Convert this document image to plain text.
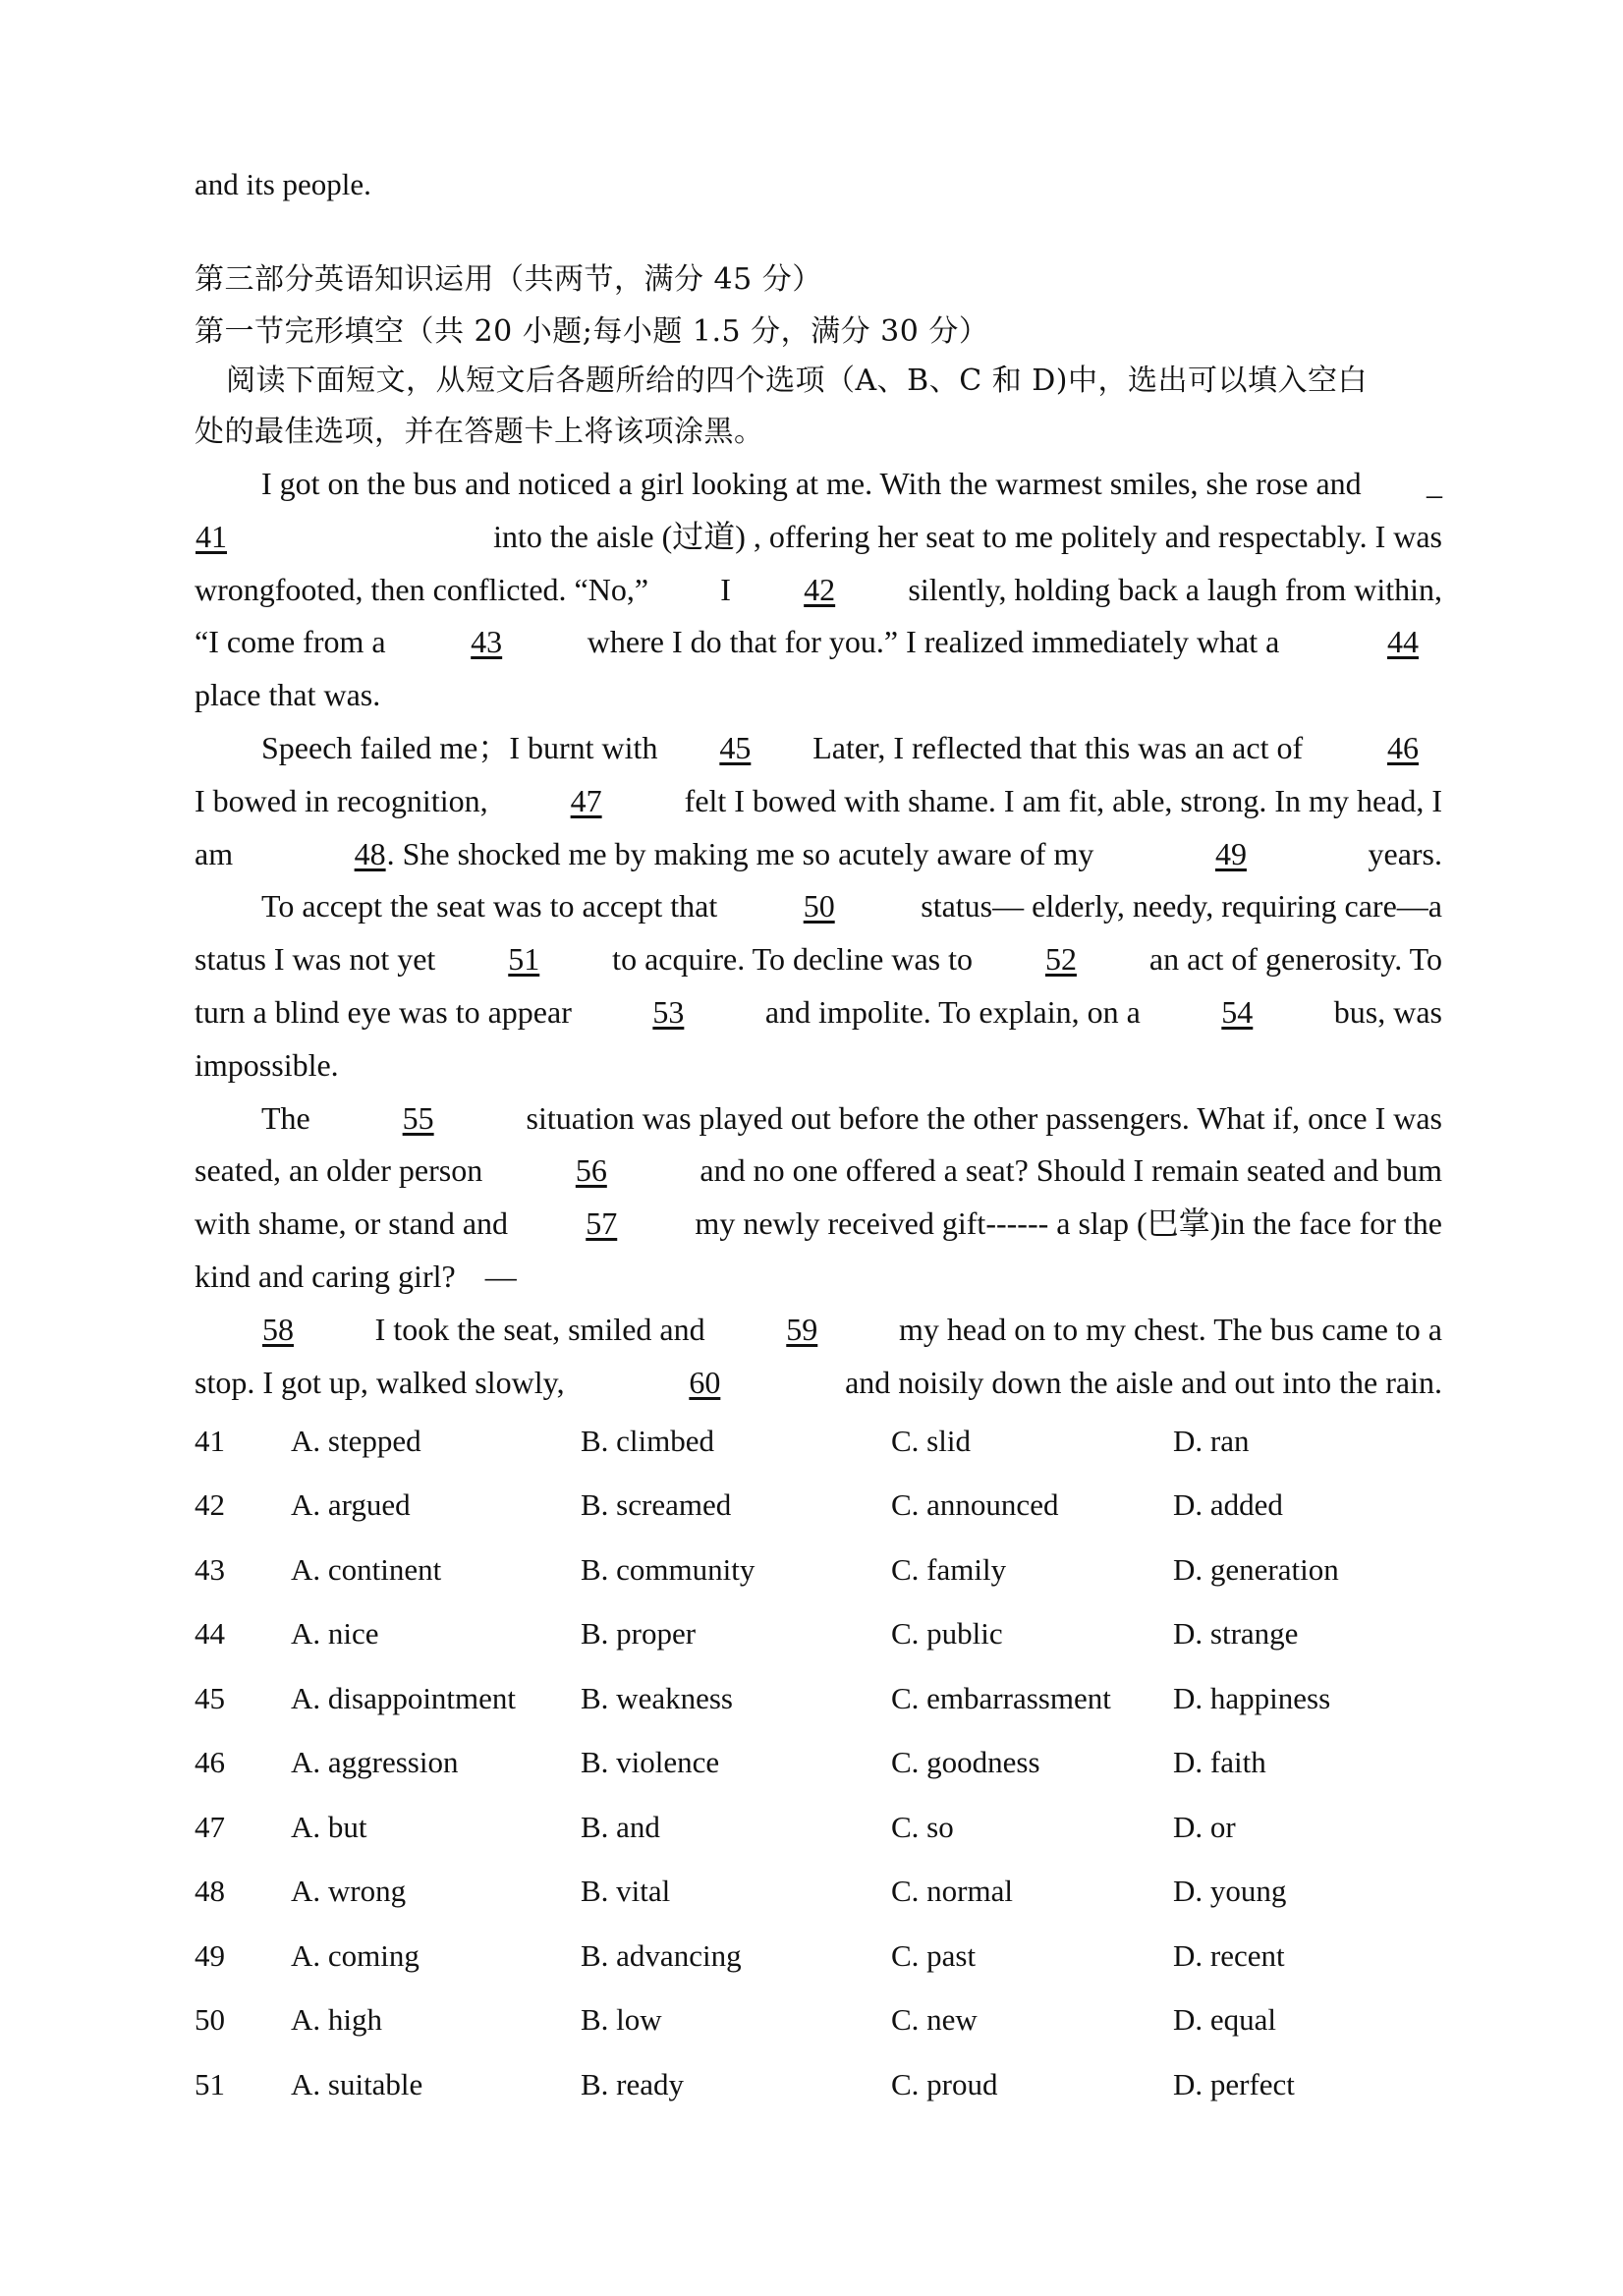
and its people.
第三部分英语知识运用（共两节，满分 45 分）
第一节完形填空（共 20 小题;每小题 1.5 分，满分 30 分）
阅读下面短文，从短文后各题所给的四个选项（A、B、C 和 D)中，选出可以填入空白
处的最佳选项，并在答题卡上将该项涂黑。
I got on the bus and noticed a girl looking at me. With the warmest smiles, she rose and _
41	into the aisle (过道) , offering her seat to me politely and respectably. I was
wrongfooted, then conflicted. “No,” I 42 silently, holding back a laugh from within,
“I come from a	43	where I do that for you.” I realized immediately what a	44
place that was.
Speech failed me；I burnt with 45 Later, I reflected that this was an act of	46
I bowed in recognition,	47	felt I bowed with shame. I am fit, able, strong. In my head, I
am	48. She shocked me by making me so acutely aware of my	49	years.
To accept the seat was to accept that	50	status— elderly, needy, requiring care—a
status I was not yet 51 to acquire. To decline was to 52 an act of generosity. To
turn a blind eye was to appear	53	and impolite. To explain, on a	54	bus, was
impossible.
The	55	situation was played out before the other passengers. What if, once I was
seated, an older person	56	and no one offered a seat? Should I remain seated and bum
with shame, or stand and 57 my newly received gift------ a slap (巴掌)in the face for the
kind and caring girl? —
58	I took the seat, smiled and	59	my head on to my chest. The bus came to a
stop. I got up, walked slowly,	60	and noisily down the aisle and out into the rain.
41	A. stepped	B. climbed	C. slid	D. ran
42	A. argued	B. screamed	C. announced	D. added
43	A. continent	B. community	C. family	D. generation
44	A. nice	B. proper	C. public	D. strange
45	A. disappointment	B. weakness	C. embarrassment	D. happiness
46	A. aggression	B. violence	C. goodness	D. faith
47	A. but	B. and	C. so	D. or
48	A. wrong	B. vital	C. normal	D. young
49	A. coming	B. advancing	C. past	D. recent
50	A. high	B. low	C. new	D. equal
51	A. suitable	B. ready	C. proud	D. perfect
